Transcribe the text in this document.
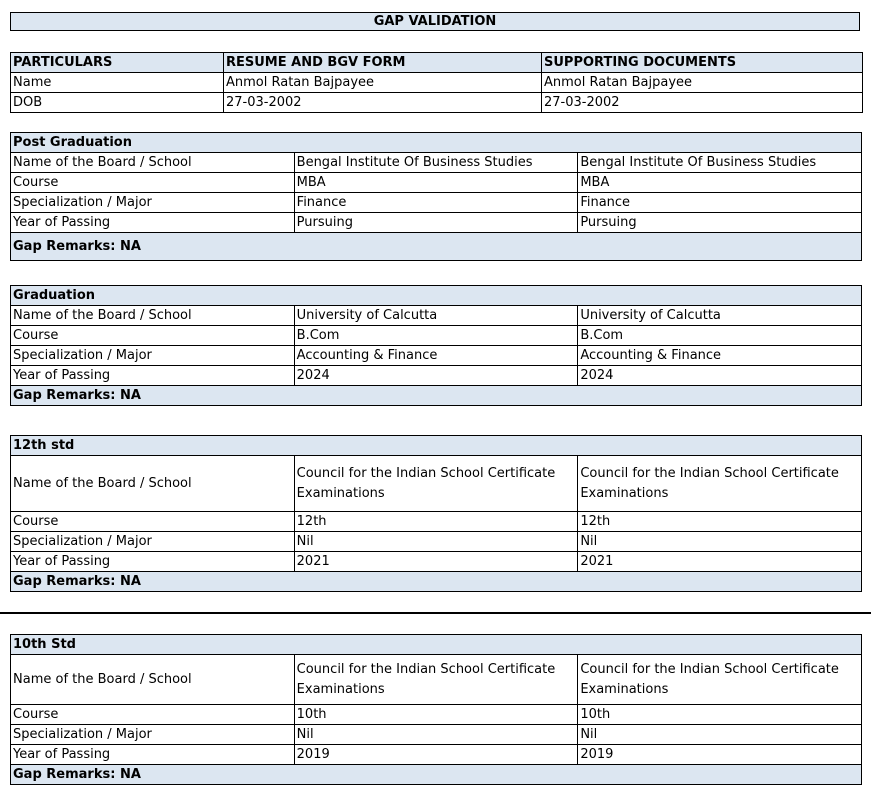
GAP VALIDATION
PARTICULARS	RESUME AND BGV FORM	SUPPORTING DOCUMENTS
Name	Anmol Ratan Bajpayee	Anmol Ratan Bajpayee
DOB	27-03-2002	27-03-2002
Post Graduation		
Name of the Board / School	Bengal Institute Of Business Studies	Bengal Institute Of Business Studies
Course	MBA	MBA
Specialization / Major	Finance	Finance
Year of Passing	Pursuing	Pursuing
Gap Remarks: NA		
Graduation		
Name of the Board / School	University of Calcutta	University of Calcutta
Course	B.Com	B.Com
Specialization / Major	Accounting & Finance	Accounting & Finance
Year of Passing	2024	2024
Gap Remarks: NA		
12th std		
Name of the Board / School	Council for the Indian School Certificate Examinations	Council for the Indian School Certificate Examinations
Course	12th	12th
Specialization / Major	Nil	Nil
Year of Passing	2021	2021
Gap Remarks: NA		
10th Std		
Name of the Board / School	Council for the Indian School Certificate Examinations	Council for the Indian School Certificate Examinations
Course	10th	10th
Specialization / Major	Nil	Nil
Year of Passing	2019	2019
Gap Remarks: NA		
